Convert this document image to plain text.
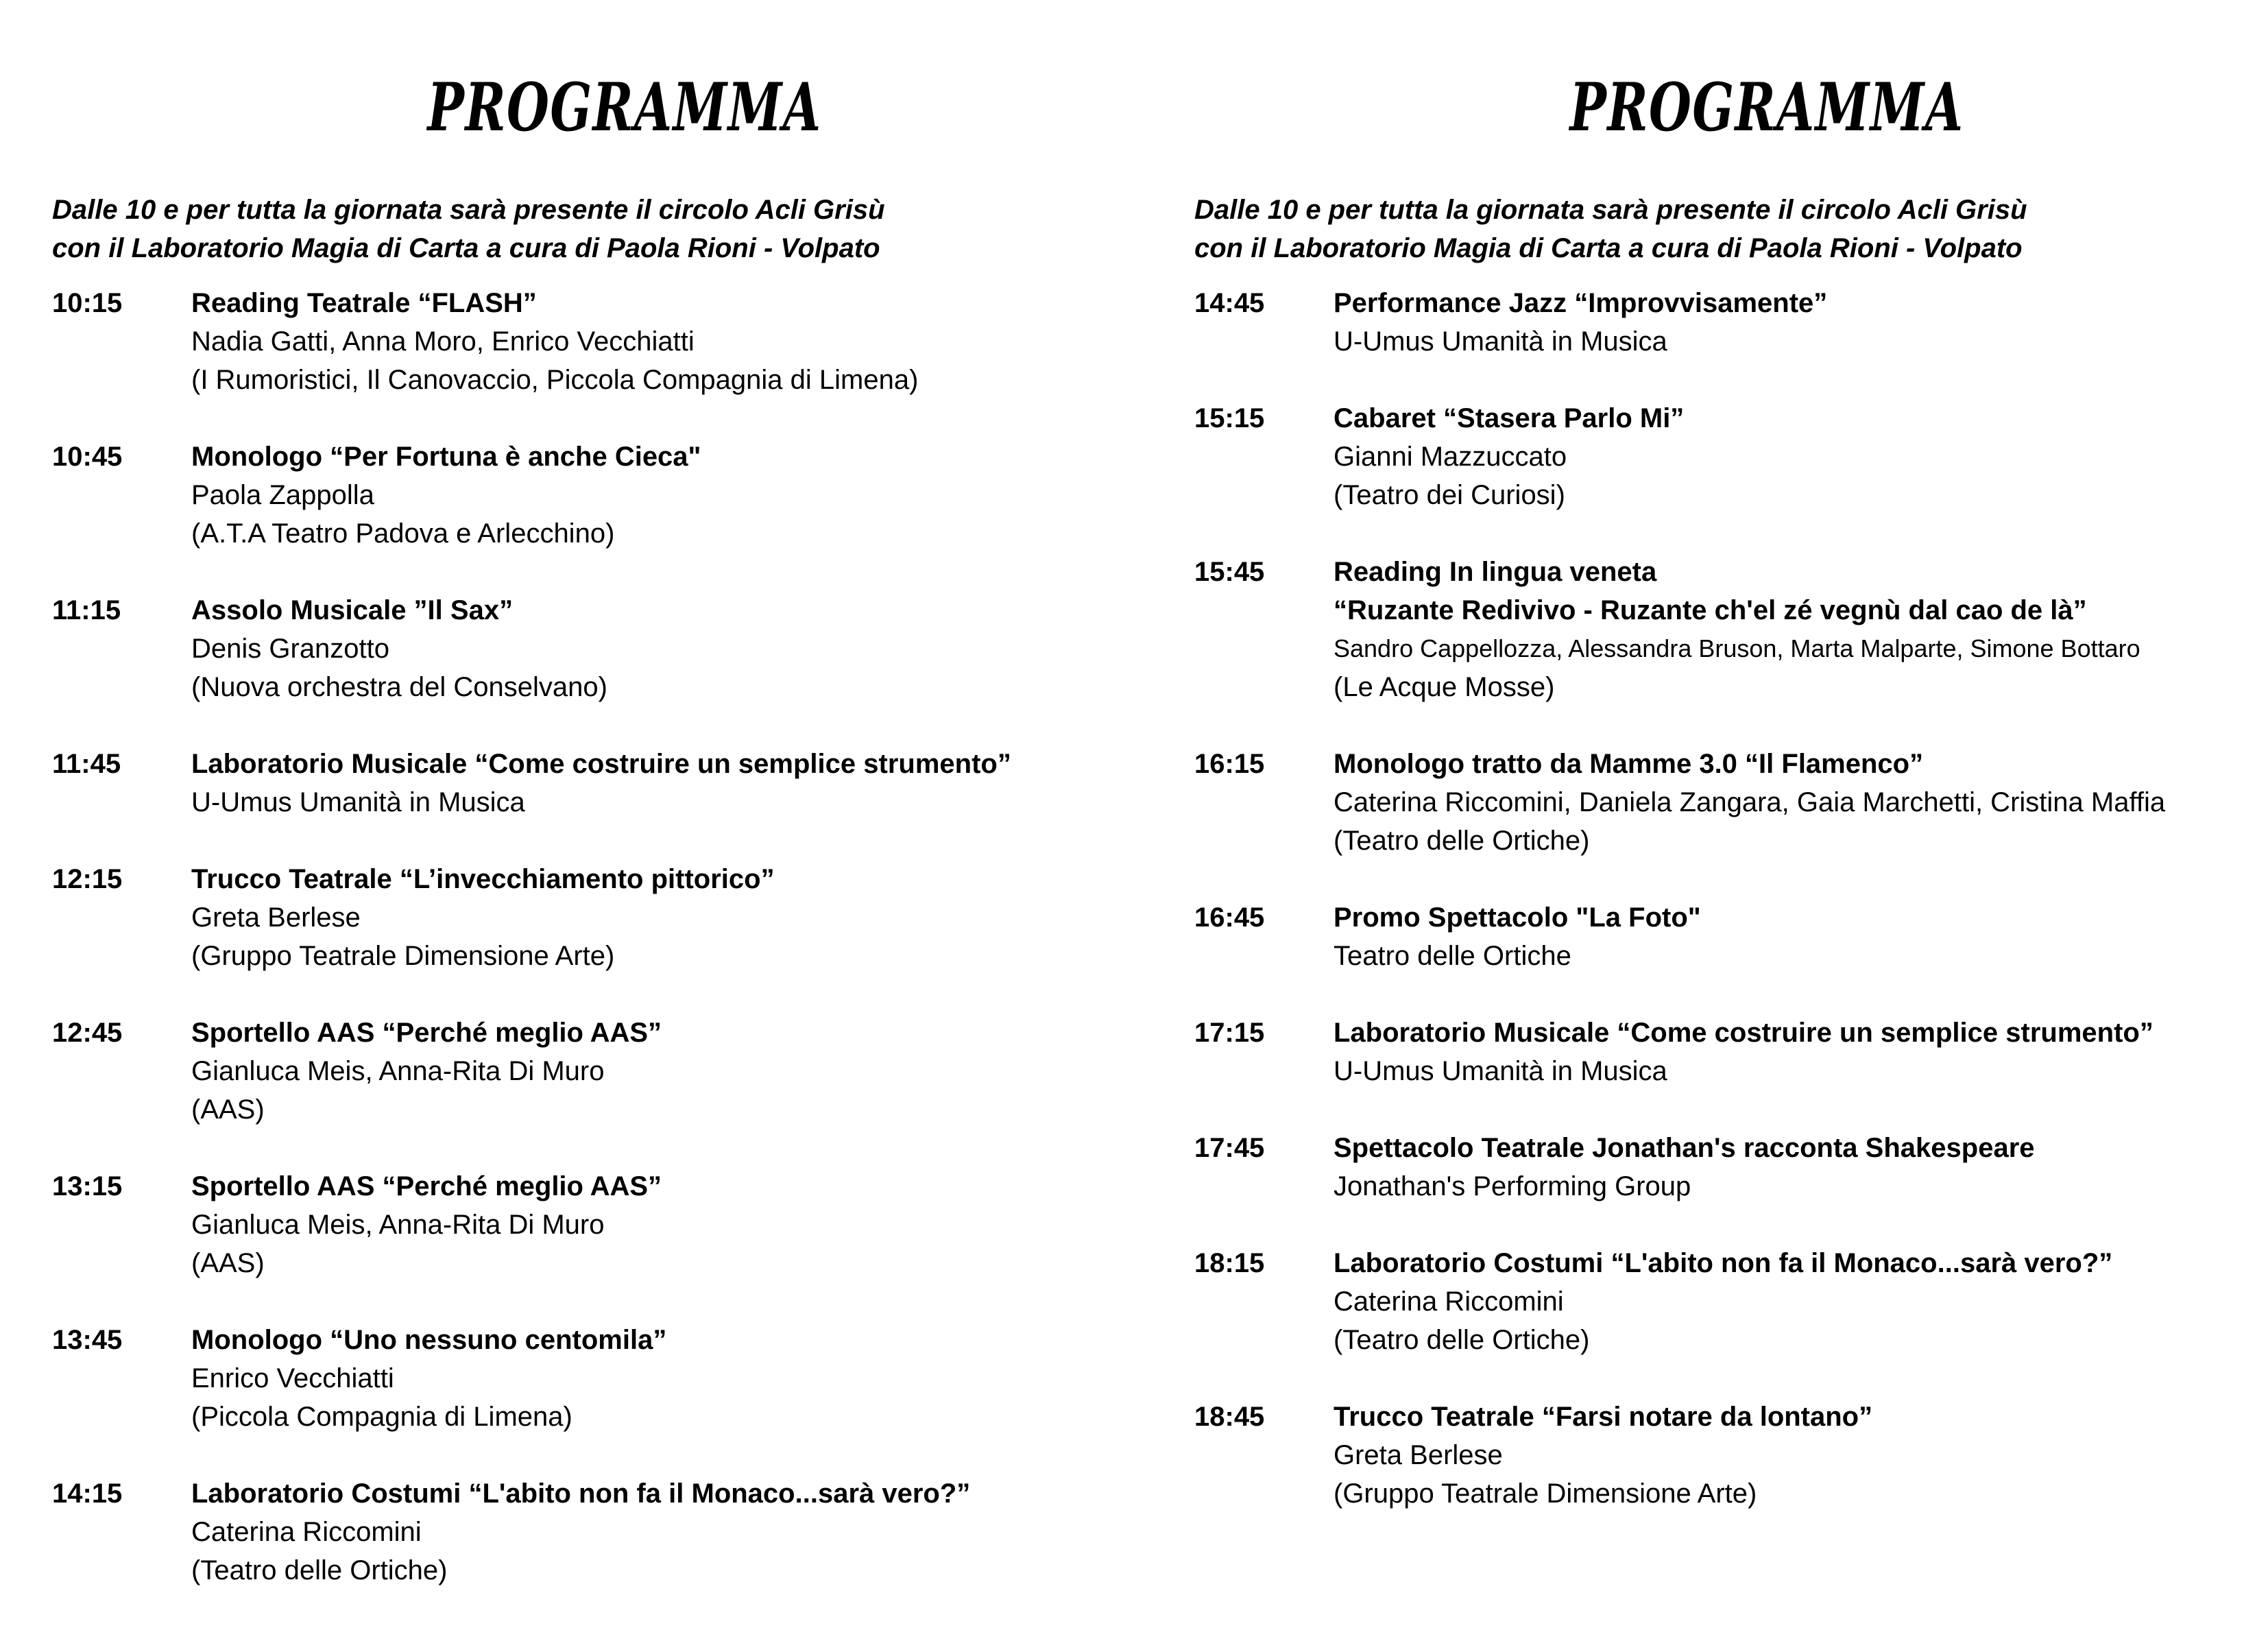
PROGRAMMA
Dalle 10 e per tutta la giornata sarà presente il circolo Acli Grisù
con il Laboratorio Magia di Carta a cura di Paola Rioni - Volpato
10:15	Reading Teatrale “FLASH”
Nadia Gatti, Anna Moro, Enrico Vecchiatti
(I Rumoristici, Il Canovaccio, Piccola Compagnia di Limena)
10:45	Monologo “Per Fortuna è anche Cieca"
Paola Zappolla
(A.T.A Teatro Padova e Arlecchino)
11:15	Assolo Musicale ”Il Sax”
Denis Granzotto
(Nuova orchestra del Conselvano)
11:45	Laboratorio Musicale “Come costruire un semplice strumento”
U-Umus Umanità in Musica
12:15	Trucco Teatrale “L’invecchiamento pittorico”
Greta Berlese
(Gruppo Teatrale Dimensione Arte)
12:45	Sportello AAS “Perché meglio AAS”
Gianluca Meis, Anna-Rita Di Muro
(AAS)
13:15	Sportello AAS “Perché meglio AAS”
Gianluca Meis, Anna-Rita Di Muro
(AAS)
13:45	Monologo “Uno nessuno centomila”
Enrico Vecchiatti
(Piccola Compagnia di Limena)
14:15	Laboratorio Costumi “L'abito non fa il Monaco...sarà vero?”
Caterina Riccomini
(Teatro delle Ortiche)
PROGRAMMA
Dalle 10 e per tutta la giornata sarà presente il circolo Acli Grisù
con il Laboratorio Magia di Carta a cura di Paola Rioni - Volpato
14:45	Performance Jazz “Improvvisamente”
U-Umus Umanità in Musica
15:15	Cabaret “Stasera Parlo Mi”
Gianni Mazzuccato
(Teatro dei Curiosi)
15:45	Reading In lingua veneta
“Ruzante Redivivo - Ruzante ch'el zé vegnù dal cao de là”
Sandro Cappellozza, Alessandra Bruson, Marta Malparte, Simone Bottaro
(Le Acque Mosse)
16:15	Monologo tratto da Mamme 3.0 “Il Flamenco”
Caterina Riccomini, Daniela Zangara, Gaia Marchetti, Cristina Maffia
(Teatro delle Ortiche)
16:45	Promo Spettacolo "La Foto"
Teatro delle Ortiche
17:15	Laboratorio Musicale “Come costruire un semplice strumento”
U-Umus Umanità in Musica
17:45	Spettacolo Teatrale Jonathan's racconta Shakespeare
Jonathan's Performing Group
18:15	Laboratorio Costumi “L'abito non fa il Monaco...sarà vero?”
Caterina Riccomini
(Teatro delle Ortiche)
18:45	Trucco Teatrale “Farsi notare da lontano”
Greta Berlese
(Gruppo Teatrale Dimensione Arte)
